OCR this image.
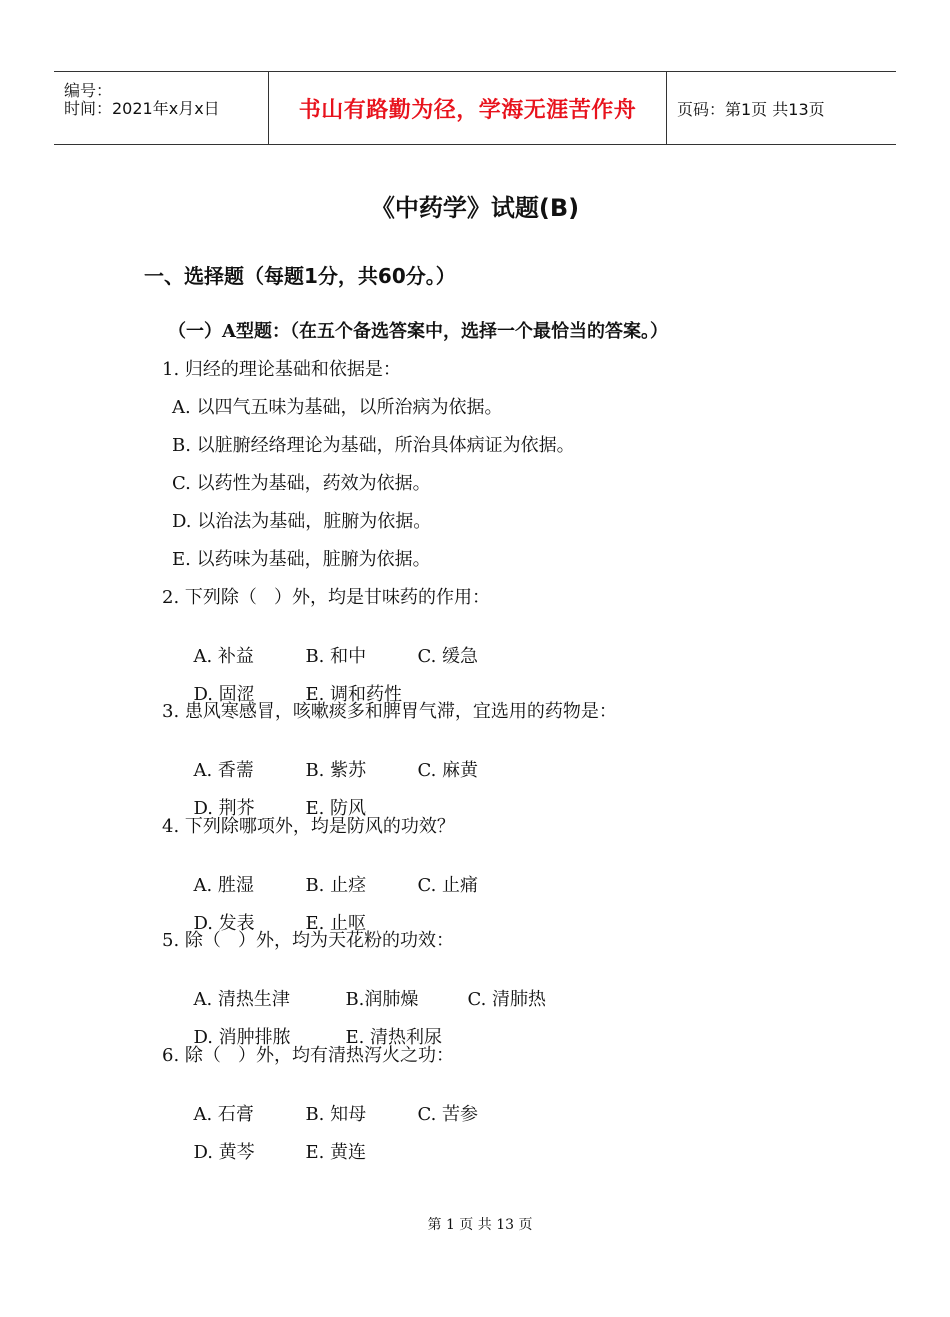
编号：
时间：2021年x月x日	书山有路勤为径，学海无涯苦作舟	页码：第1页 共13页
《中药学》试题(B)
一、选择题（每题1分，共60分。）
（一）A型题：（在五个备选答案中，选择一个最恰当的答案。）
1. 归经的理论基础和依据是：
A. 以四气五味为基础，以所治病为依据。
B. 以脏腑经络理论为基础，所治具体病证为依据。
C. 以药性为基础，药效为依据。
D. 以治法为基础，脏腑为依据。
E. 以药味为基础，脏腑为依据。
2. 下列除（   ）外，均是甘味药的作用：

A. 补益	B. 和中	C. 缓急

D. 固涩	E. 调和药性

3. 患风寒感冒，咳嗽痰多和脾胃气滞，宜选用的药物是：

A. 香薷	B. 紫苏	C. 麻黄

D. 荆芥	E. 防风

4. 下列除哪项外，均是防风的功效？

A. 胜湿	B. 止痉	C. 止痛

D. 发表	E. 止呕

5. 除（   ）外，均为天花粉的功效：

A. 清热生津	B.润肺燥	C. 清肺热

D. 消肿排脓	E. 清热利尿

6. 除（   ）外，均有清热泻火之功：

A. 石膏	B. 知母	C. 苦参

D. 黄芩	E. 黄连

第 1 页 共 13 页
